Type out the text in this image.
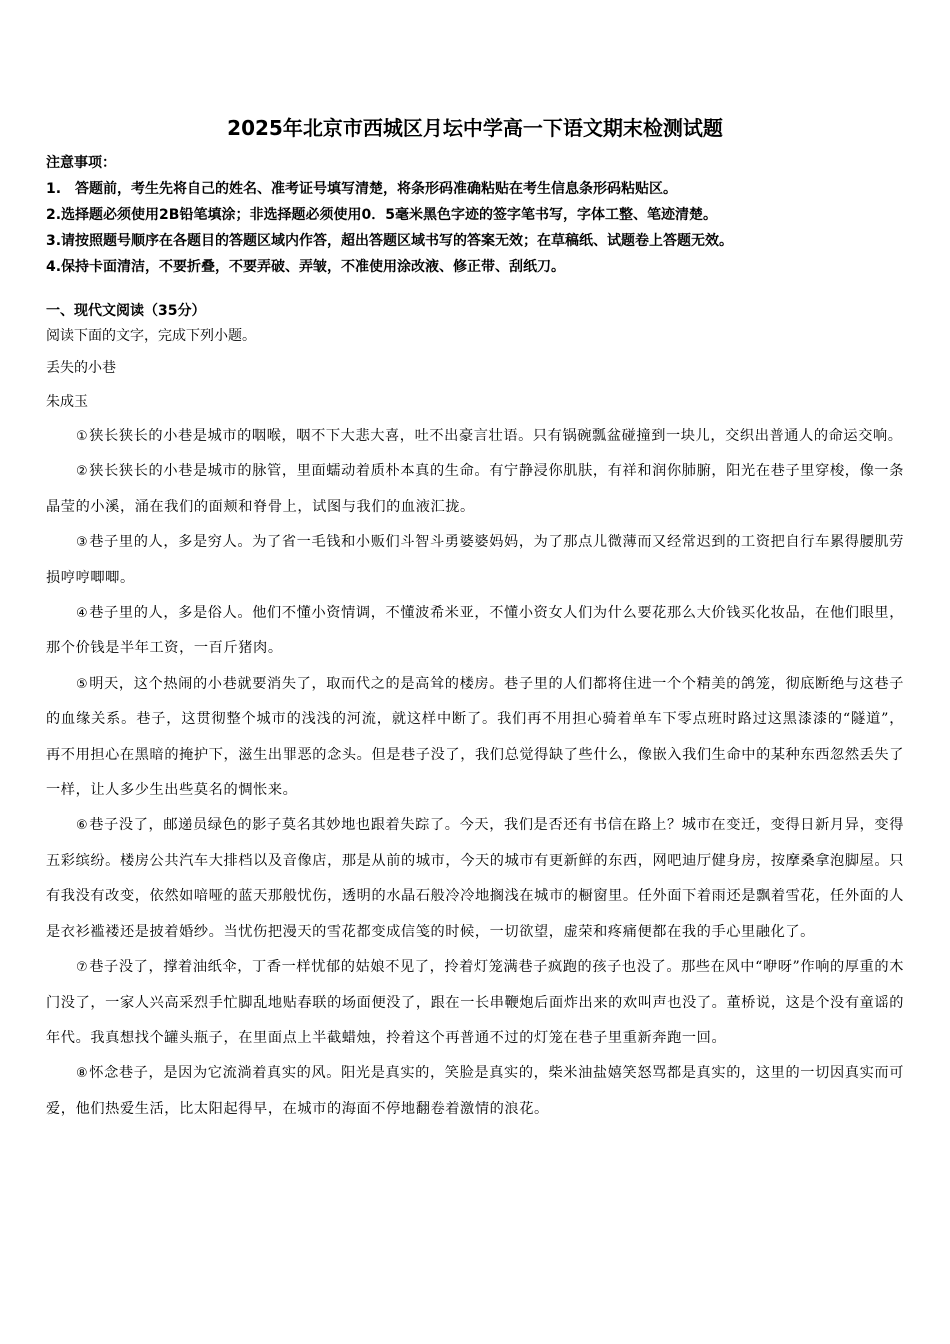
2025年北京市西城区月坛中学高一下语文期末检测试题
注意事项：
1.　答题前，考生先将自己的姓名、准考证号填写清楚，将条形码准确粘贴在考生信息条形码粘贴区。
2.选择题必须使用2B铅笔填涂；非选择题必须使用0．5毫米黑色字迹的签字笔书写，字体工整、笔迹清楚。
3.请按照题号顺序在各题目的答题区域内作答，超出答题区域书写的答案无效；在草稿纸、试题卷上答题无效。
4.保持卡面清洁，不要折叠，不要弄破、弄皱，不准使用涂改液、修正带、刮纸刀。
一、现代文阅读（35分）
阅读下面的文字，完成下列小题。
丢失的小巷
朱成玉

①狭长狭长的小巷是城市的咽喉，咽不下大悲大喜，吐不出豪言壮语。只有锅碗瓢盆碰撞到一块儿，交织出普通人的命运交响。

②狭长狭长的小巷是城市的脉管，里面蠕动着质朴本真的生命。有宁静浸你肌肤，有祥和润你肺腑，阳光在巷子里穿梭，像一条晶莹的小溪，涌在我们的面颊和脊骨上，试图与我们的血液汇拢。

③巷子里的人，多是穷人。为了省一毛钱和小贩们斗智斗勇婆婆妈妈，为了那点儿微薄而又经常迟到的工资把自行车累得腰肌劳损哼哼唧唧。

④巷子里的人，多是俗人。他们不懂小资情调，不懂波希米亚，不懂小资女人们为什么要花那么大价钱买化妆品，在他们眼里，那个价钱是半年工资，一百斤猪肉。

⑤明天，这个热闹的小巷就要消失了，取而代之的是高耸的楼房。巷子里的人们都将住进一个个精美的鸽笼，彻底断绝与这巷子的血缘关系。巷子，这贯彻整个城市的浅浅的河流，就这样中断了。我们再不用担心骑着单车下零点班时路过这黑漆漆的“隧道”，再不用担心在黑暗的掩护下，滋生出罪恶的念头。但是巷子没了，我们总觉得缺了些什么，像嵌入我们生命中的某种东西忽然丢失了一样，让人多少生出些莫名的惆怅来。

⑥巷子没了，邮递员绿色的影子莫名其妙地也跟着失踪了。今天，我们是否还有书信在路上？城市在变迁，变得日新月异，变得五彩缤纷。楼房公共汽车大排档以及音像店，那是从前的城市，今天的城市有更新鲜的东西，网吧迪厅健身房，按摩桑拿泡脚屋。只有我没有改变，依然如喑哑的蓝天那般忧伤，透明的水晶石般冷冷地搁浅在城市的橱窗里。任外面下着雨还是飘着雪花，任外面的人是衣衫褴褛还是披着婚纱。当忧伤把漫天的雪花都变成信笺的时候，一切欲望，虚荣和疼痛便都在我的手心里融化了。

⑦巷子没了，撑着油纸伞，丁香一样忧郁的姑娘不见了，拎着灯笼满巷子疯跑的孩子也没了。那些在风中“咿呀”作响的厚重的木门没了，一家人兴高采烈手忙脚乱地贴春联的场面便没了，跟在一长串鞭炮后面炸出来的欢叫声也没了。董桥说，这是个没有童谣的年代。我真想找个罐头瓶子，在里面点上半截蜡烛，拎着这个再普通不过的灯笼在巷子里重新奔跑一回。

⑧怀念巷子，是因为它流淌着真实的风。阳光是真实的，笑脸是真实的，柴米油盐嬉笑怒骂都是真实的，这里的一切因真实而可爱，他们热爱生活，比太阳起得早，在城市的海面不停地翻卷着激情的浪花。
